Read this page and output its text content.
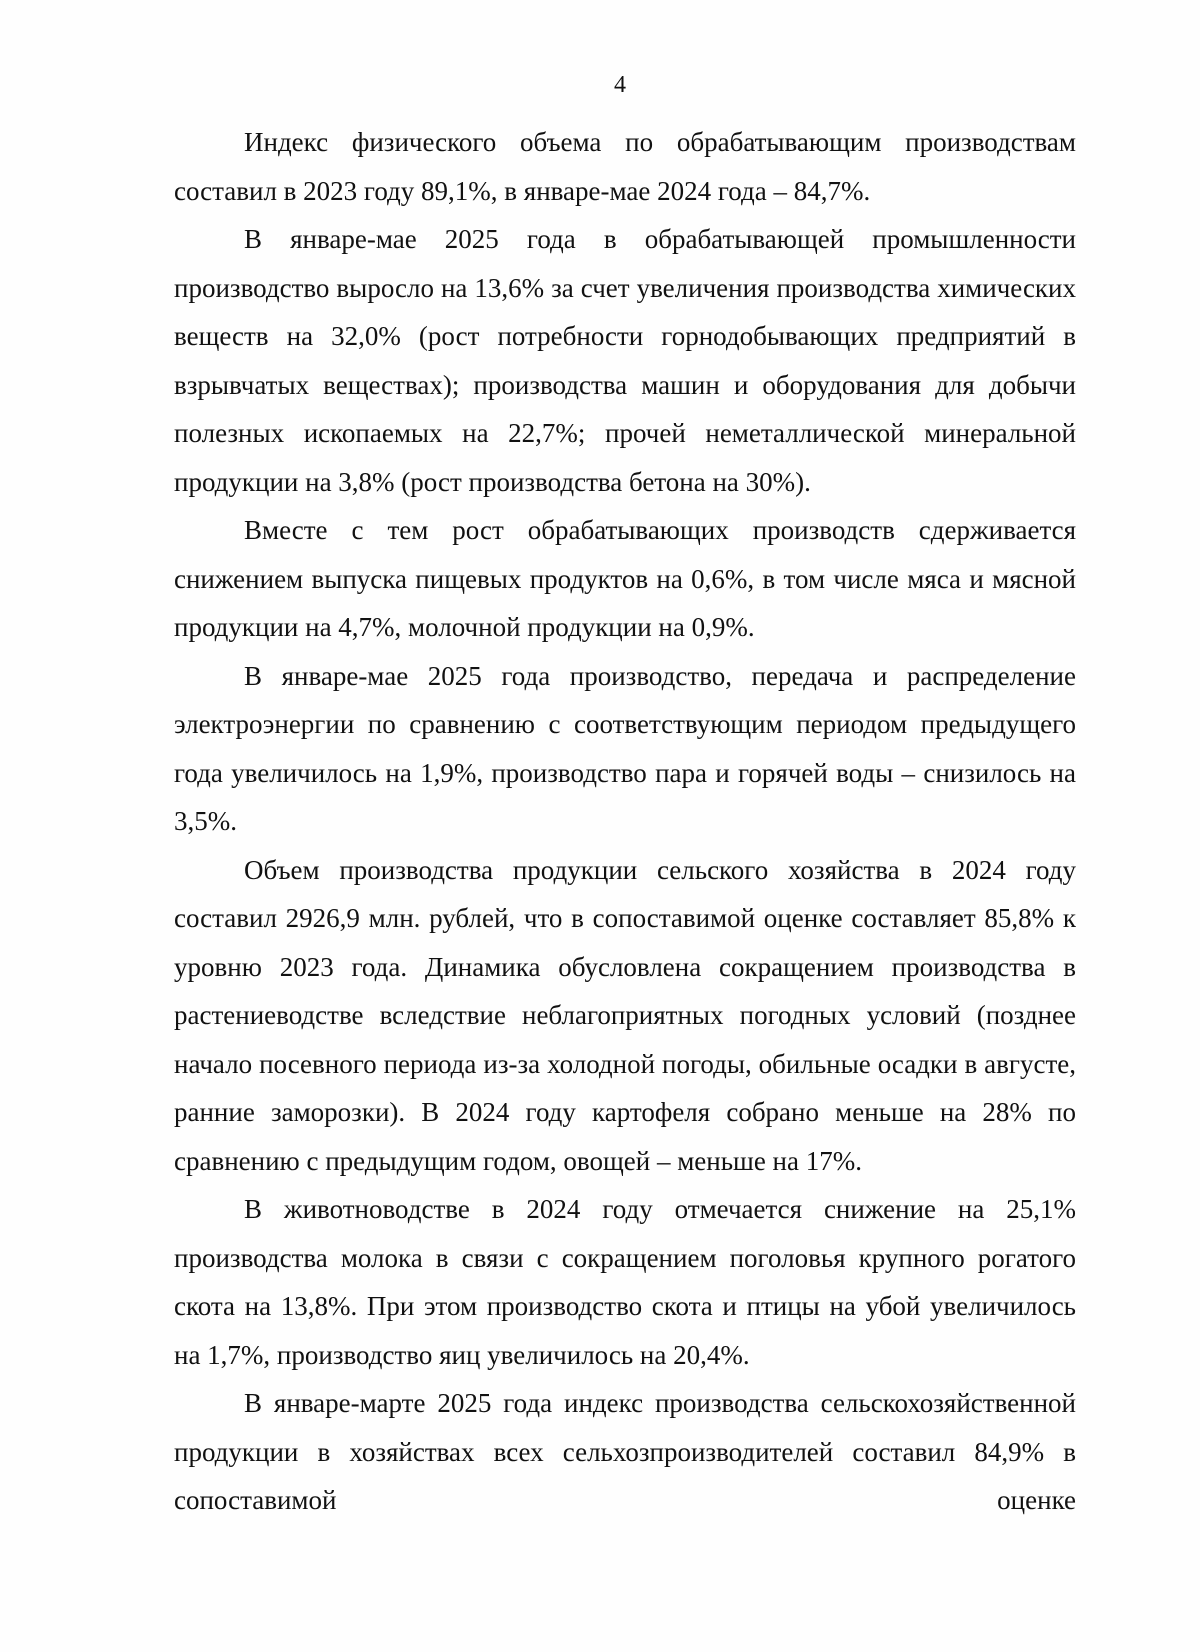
4

Индекс физического объема по обрабатывающим производствам составил в 2023 году 89,1%, в январе-мае 2024 года – 84,7%.

В январе-мае 2025 года в обрабатывающей промышленности производство выросло на 13,6% за счет увеличения производства химических веществ на 32,0% (рост потребности горнодобывающих предприятий в взрывчатых веществах); производства машин и оборудования для добычи полезных ископаемых на 22,7%; прочей неметаллической минеральной продукции на 3,8% (рост производства бетона на 30%).

Вместе с тем рост обрабатывающих производств сдерживается снижением выпуска пищевых продуктов на 0,6%, в том числе мяса и мясной продукции на 4,7%, молочной продукции на 0,9%.

В январе-мае 2025 года производство, передача и распределение электроэнергии по сравнению с соответствующим периодом предыдущего года увеличилось на 1,9%, производство пара и горячей воды – снизилось на 3,5%.

Объем производства продукции сельского хозяйства в 2024 году составил 2926,9 млн. рублей, что в сопоставимой оценке составляет 85,8% к уровню 2023 года. Динамика обусловлена сокращением производства в растениеводстве вследствие неблагоприятных погодных условий (позднее начало посевного периода из-за холодной погоды, обильные осадки в августе, ранние заморозки). В 2024 году картофеля собрано меньше на 28% по сравнению с предыдущим годом, овощей – меньше на 17%.

В животноводстве в 2024 году отмечается снижение на 25,1% производства молока в связи с сокращением поголовья крупного рогатого скота на 13,8%. При этом производство скота и птицы на убой увеличилось на 1,7%, производство яиц увеличилось на 20,4%.

В январе-марте 2025 года индекс производства сельскохозяйственной продукции в хозяйствах всех сельхозпроизводителей составил 84,9% в сопоставимой оценке
